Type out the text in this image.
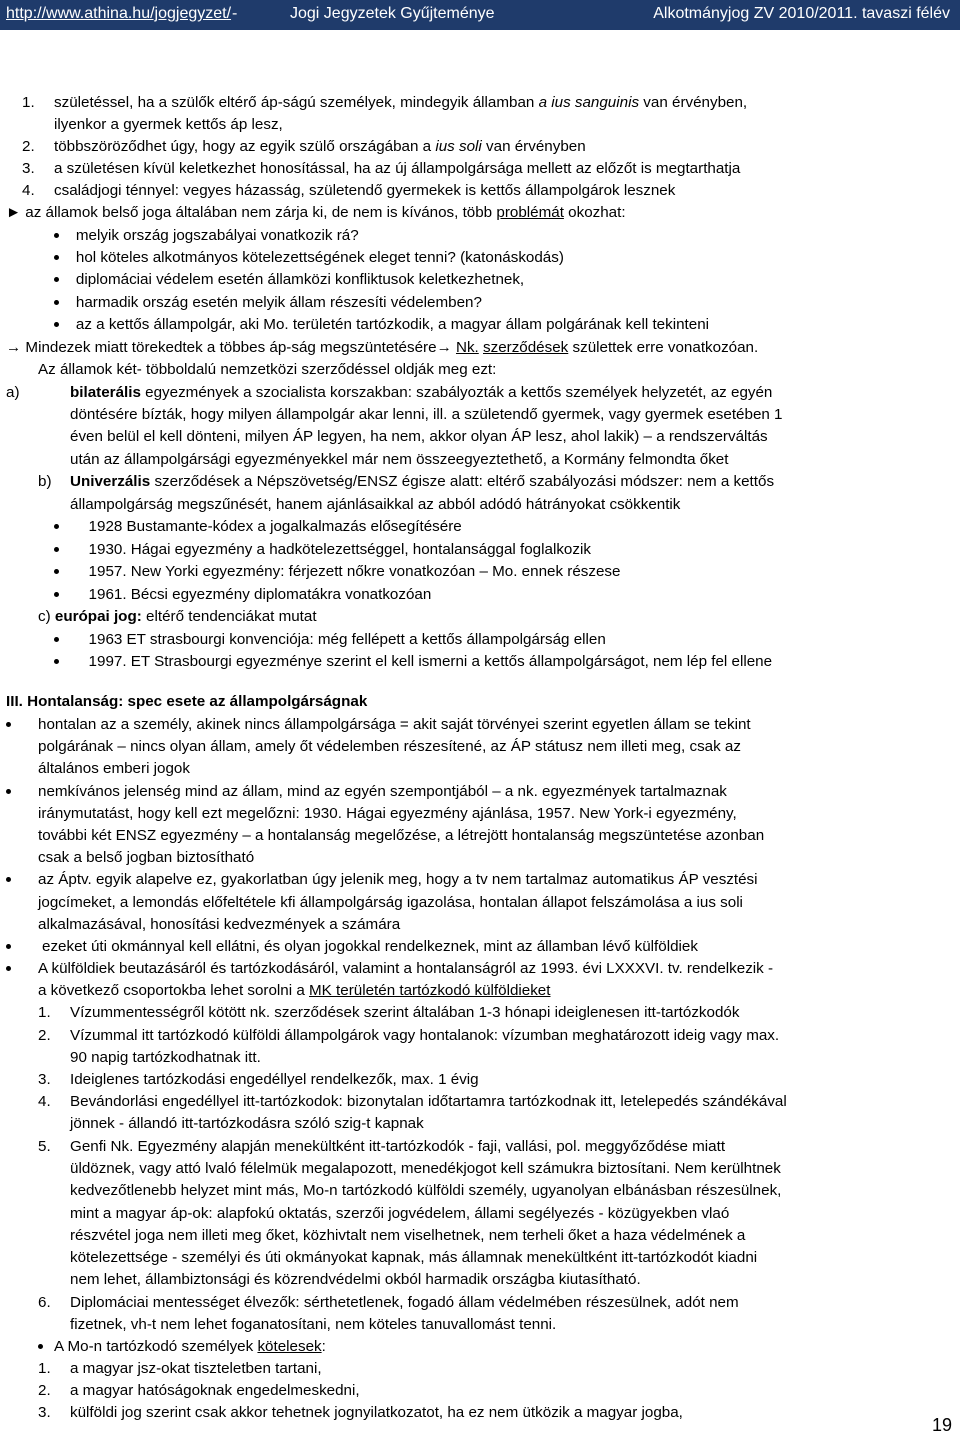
http://www.athina.hu/jogjegyzet/ -	Jogi Jegyzetek Gyűjteménye	Alkotmányjog ZV 2010/2011. tavaszi félév
1. születéssel, ha a szülők eltérő áp-ságú személyek, mindegyik államban a ius sanguinis van érvényben,
ilyenkor a gyermek kettős áp lesz,
2. többszöröződhet úgy, hogy az egyik szülő országában a ius soli van érvényben
3. a születésen kívül keletkezhet honosítással, ha az új állampolgársága mellett az előzőt is megtarthatja
4. családjogi ténnyel: vegyes házasság, születendő gyermekek is kettős állampolgárok lesznek
► az államok belső joga általában nem zárja ki, de nem is kívános, több problémát okozhat:
melyik ország jogszabályai vonatkozik rá?
hol köteles alkotmányos kötelezettségének eleget tenni? (katonáskodás)
diplomáciai védelem esetén államközi konfliktusok keletkezhetnek,
harmadik ország esetén melyik állam részesíti védelemben?
az a kettős állampolgár, aki Mo. területén tartózkodik, a magyar állam polgárának kell tekinteni
→ Mindezek miatt törekedtek a többes áp-ság megszüntetésére→ Nk. szerződések születtek erre vonatkozóan.
Az államok két- többoldalú nemzetközi szerződéssel oldják meg ezt:
a)	bilaterális egyezmények a szocialista korszakban: szabályozták a kettős személyek helyzetét, az egyén
döntésére bízták, hogy milyen állampolgár akar lenni, ill. a születendő gyermek, vagy gyermek esetében 1
éven belül el kell dönteni, milyen ÁP legyen, ha nem, akkor olyan ÁP lesz, ahol lakik) – a rendszerváltás
után az állampolgársági egyezményekkel már nem összeegyeztethető, a Kormány felmondta őket
b) Univerzális szerződések a Népszövetség/ENSZ égisze alatt: eltérő szabályozási módszer: nem a kettős
állampolgárság megszűnését, hanem ajánlásaikkal az abból adódó hátrányokat csökkentik
1928 Bustamante-kódex a jogalkalmazás elősegítésére
1930. Hágai egyezmény a hadkötelezettséggel, hontalansággal foglalkozik
1957. New Yorki egyezmény: férjezett nőkre vonatkozóan – Mo. ennek részese
1961. Bécsi egyezmény diplomatákra vonatkozóan
c) európai jog: eltérő tendenciákat mutat
1963 ET strasbourgi konvenciója: még fellépett a kettős állampolgárság ellen
1997. ET Strasbourgi egyezménye szerint el kell ismerni a kettős állampolgárságot, nem lép fel ellene
III. Hontalanság: spec esete az állampolgárságnak
hontalan az a személy, akinek nincs állampolgársága = akit saját törvényei szerint egyetlen állam se tekint
polgárának – nincs olyan állam, amely őt védelemben részesítené, az ÁP státusz nem illeti meg, csak az
általános emberi jogok
nemkívános jelenség mind az állam, mind az egyén szempontjából – a nk. egyezmények tartalmaznak
iránymutatást, hogy kell ezt megelőzni: 1930. Hágai egyezmény ajánlása, 1957. New York-i egyezmény,
további két ENSZ egyezmény – a hontalanság megelőzése, a létrejött hontalanság megszüntetése azonban
csak a belső jogban biztosítható
az Áptv. egyik alapelve ez, gyakorlatban úgy jelenik meg, hogy a tv nem tartalmaz automatikus ÁP vesztési
jogcímeket, a lemondás előfeltétele kfi állampolgárság igazolása, hontalan állapot felszámolása a ius soli
alkalmazásával, honosítási kedvezmények a számára
ezeket úti okmánnyal kell ellátni, és olyan jogokkal rendelkeznek, mint az államban lévő külföldiek
A külföldiek beutazásáról és tartózkodásáról, valamint a hontalanságról az 1993. évi LXXXVI. tv. rendelkezik -
a következő csoportokba lehet sorolni a MK területén tartózkodó külföldieket
1. Vízummentességről kötött nk. szerződések szerint általában 1-3 hónapi ideiglenesen itt-tartózkodók
2. Vízummal itt tartózkodó külföldi állampolgárok vagy hontalanok: vízumban meghatározott ideig vagy max.
90 napig tartózkodhatnak itt.
3. Ideiglenes tartózkodási engedéllyel rendelkezők, max. 1 évig
4. Bevándorlási engedéllyel itt-tartózkodok: bizonytalan időtartamra tartózkodnak itt, letelepedés szándékával
jönnek - állandó itt-tartózkodásra szóló szig-t kapnak
5. Genfi Nk. Egyezmény alapján menekültként itt-tartózkodók - faji, vallási, pol. meggyőződése miatt
üldöznek, vagy attó lvaló félelmük megalapozott, menedékjogot kell számukra biztosítani. Nem kerülhtnek
kedvezőtlenebb helyzet mint más, Mo-n tartózkodó külföldi személy, ugyanolyan elbánásban részesülnek,
mint a magyar áp-ok: alapfokú oktatás, szerzői jogvédelem, állami segélyezés - közügyekben vlaó
részvétel joga nem illeti meg őket, közhivtalt nem viselhetnek, nem terheli őket a haza védelmének a
kötelezettsége - személyi és úti okmányokat kapnak, más államnak menekültként itt-tartózkodót kiadni
nem lehet, állambiztonsági és közrendvédelmi okból harmadik országba kiutasítható.
6. Diplomáciai mentességet élvezők: sérthetetlenek, fogadó állam védelmében részesülnek, adót nem
fizetnek, vh-t nem lehet foganatosítani, nem köteles tanuvallomást tenni.
A Mo-n tartózkodó személyek kötelesek:
1. a magyar jsz-okat tiszteletben tartani,
2. a magyar hatóságoknak engedelmeskedni,
3. külföldi jog szerint csak akkor tehetnek jognyilatkozatot, ha ez nem ütközik a magyar jogba,
19
